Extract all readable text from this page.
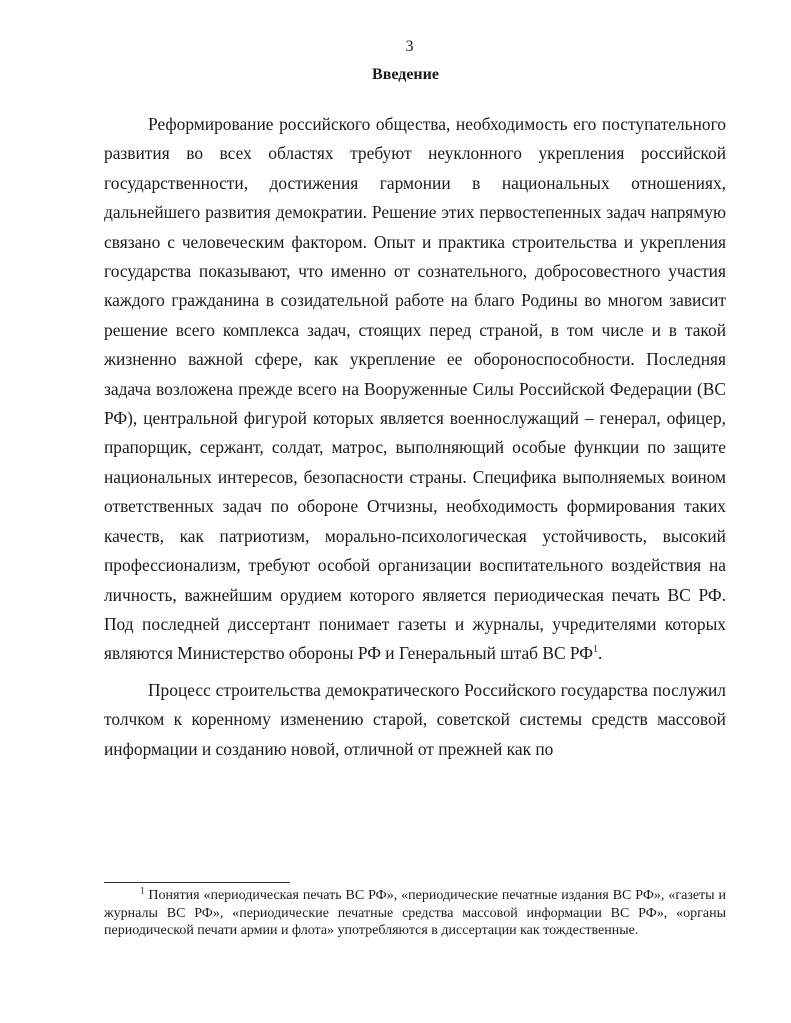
3
Введение

Реформирование российского общества, необходимость его поступательного развития во всех областях требуют неуклонного укрепления российской государственности, достижения гармонии в национальных отношениях, дальнейшего развития демократии. Решение этих первостепенных задач напрямую связано с человеческим фактором. Опыт и практика строительства и укрепления государства показывают, что именно от сознательного, добросовестного участия каждого гражданина в созидательной работе на благо Родины во многом зависит решение всего комплекса задач, стоящих перед страной, в том числе и в такой жизненно важной сфере, как укрепление ее обороноспособности. Последняя задача возложена прежде всего на Вооруженные Силы Российской Федерации (ВС РФ), центральной фигурой которых является военнослужащий – генерал, офицер, прапорщик, сержант, солдат, матрос, выполняющий особые функции по защите национальных интересов, безопасности страны. Специфика выполняемых воином ответственных задач по обороне Отчизны, необходимость формирования таких качеств, как патриотизм, морально-психологическая устойчивость, высокий профессионализм, требуют особой организации воспитательного воздействия на личность, важнейшим орудием которого является периодическая печать ВС РФ. Под последней диссертант понимает газеты и журналы, учредителями которых являются Министерство обороны РФ и Генеральный штаб ВС $РФ^1$.

Процесс строительства демократического Российского государства послужил толчком к коренному изменению старой, советской системы средств массовой информации и созданию новой, отличной от прежней как по

$^1$ Понятия «периодическая печать ВС РФ», «периодические печатные издания ВС РФ», «газеты и журналы ВС РФ», «периодические печатные средства массовой информации ВС РФ», «органы периодической печати армии и флота» употребляются в диссертации как тождественные.
